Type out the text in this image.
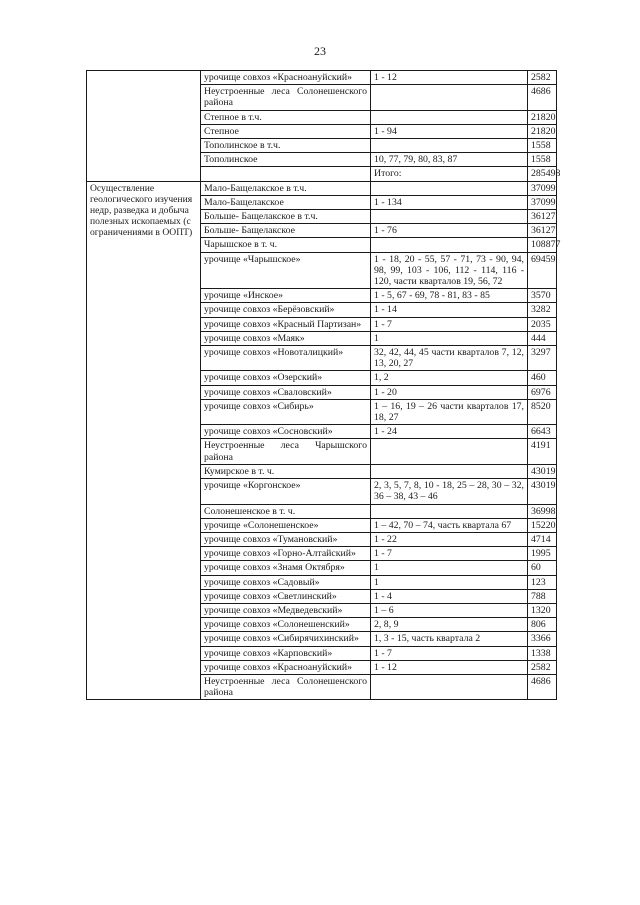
23
	урочище совхоз «Красноануйский»	1 - 12	2582
	Неустроенные леса Солонешенского района		4686
	Степное в т.ч.		21820
	Степное	1 - 94	21820
	Тополинское в т.ч.		1558
	Тополинское	10, 77, 79, 80, 83, 87	1558
		Итого:	285498
Осуществление геологического изучения недр, разведка и добыча полезных ископаемых (с ограничениями в ООПТ)	Мало-Бащелакское в т.ч.		37099
	Мало-Бащелакское	1 - 134	37099
	Больше- Бащелакское в т.ч.		36127
	Больше- Бащелакское	1 - 76	36127
	Чарышское в т. ч.		108877
	урочище «Чарышское»	1 - 18, 20 - 55, 57 - 71, 73 - 90, 94, 98, 99, 103 - 106, 112 - 114, 116 - 120, части кварталов 19, 56, 72	69459
	урочище «Инское»	1 - 5, 67 - 69, 78 - 81, 83 - 85	3570
	урочище совхоз «Берёзовский»	1 - 14	3282
	урочище совхоз «Красный Партизан»	1 - 7	2035
	урочище совхоз «Маяк»	1	444
	урочище совхоз «Новоталицкий»	32, 42, 44, 45 части кварталов 7, 12, 13, 20, 27	3297
	урочище совхоз «Озерский»	1, 2	460
	урочище совхоз «Сваловский»	1 - 20	6976
	урочище совхоз «Сибирь»	1 – 16, 19 – 26 части кварталов 17, 18, 27	8520
	урочище совхоз «Сосновский»	1 - 24	6643
	Неустроенные леса Чарышского района		4191
	Кумирское в т. ч.		43019
	урочище «Коргонское»	2, 3, 5, 7, 8, 10 - 18, 25 – 28, 30 – 32, 36 – 38, 43 – 46	43019
	Солонешенское в т. ч.		36998
	урочище «Солонешенское»	1 – 42, 70 – 74, часть квартала 67	15220
	урочище совхоз «Тумановский»	1 - 22	4714
	урочище совхоз «Горно-Алтайский»	1 - 7	1995
	урочище совхоз «Знамя Октября»	1	60
	урочище совхоз «Садовый»	1	123
	урочище совхоз «Светлинский»	1 - 4	788
	урочище совхоз «Медведевский»	1 – 6	1320
	урочище совхоз «Солонешенский»	2, 8, 9	806
	урочище совхоз «Сибирячихинский»	1, 3 - 15, часть квартала 2	3366
	урочище совхоз «Карповский»	1 - 7	1338
	урочище совхоз «Красноануйский»	1 - 12	2582
	Неустроенные леса Солонешенского района		4686
